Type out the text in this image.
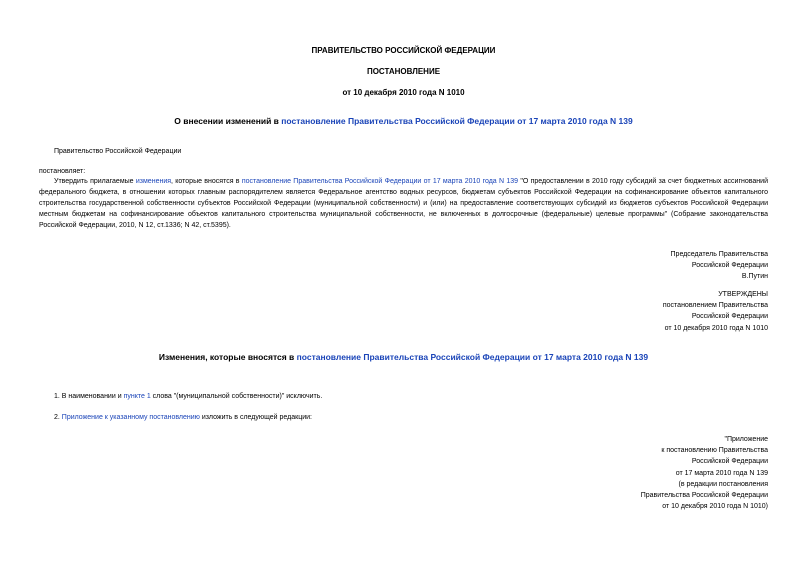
ПРАВИТЕЛЬСТВО РОССИЙСКОЙ ФЕДЕРАЦИИ
ПОСТАНОВЛЕНИЕ
от 10 декабря 2010 года N 1010
О внесении изменений в постановление Правительства Российской Федерации от 17 марта 2010 года N 139
Правительство Российской Федерации
постановляет:
Утвердить прилагаемые изменения, которые вносятся в постановление Правительства Российской Федерации от 17 марта 2010 года N 139 "О предоставлении в 2010 году субсидий за счет бюджетных ассигнований федерального бюджета, в отношении которых главным распорядителем является Федеральное агентство водных ресурсов, бюджетам субъектов Российской Федерации на софинансирование объектов капитального строительства государственной собственности субъектов Российской Федерации (муниципальной собственности) и (или) на предоставление соответствующих субсидий из бюджетов субъектов Российской Федерации местным бюджетам на софинансирование объектов капитального строительства муниципальной собственности, не включенных в долгосрочные (федеральные) целевые программы" (Собрание законодательства Российской Федерации, 2010, N 12, ст.1336; N 42, ст.5395).
Председатель Правительства
Российской Федерации
В.Путин
УТВЕРЖДЕНЫ
постановлением Правительства
Российской Федерации
от 10 декабря 2010 года N 1010
Изменения, которые вносятся в постановление Правительства Российской Федерации от 17 марта 2010 года N 139
1. В наименовании и пункте 1 слова "(муниципальной собственности)" исключить.
2. Приложение к указанному постановлению изложить в следующей редакции:
"Приложение
к постановлению Правительства
Российской Федерации
от 17 марта 2010 года N 139
(в редакции постановления
Правительства Российской Федерации
от 10 декабря 2010 года N 1010)
